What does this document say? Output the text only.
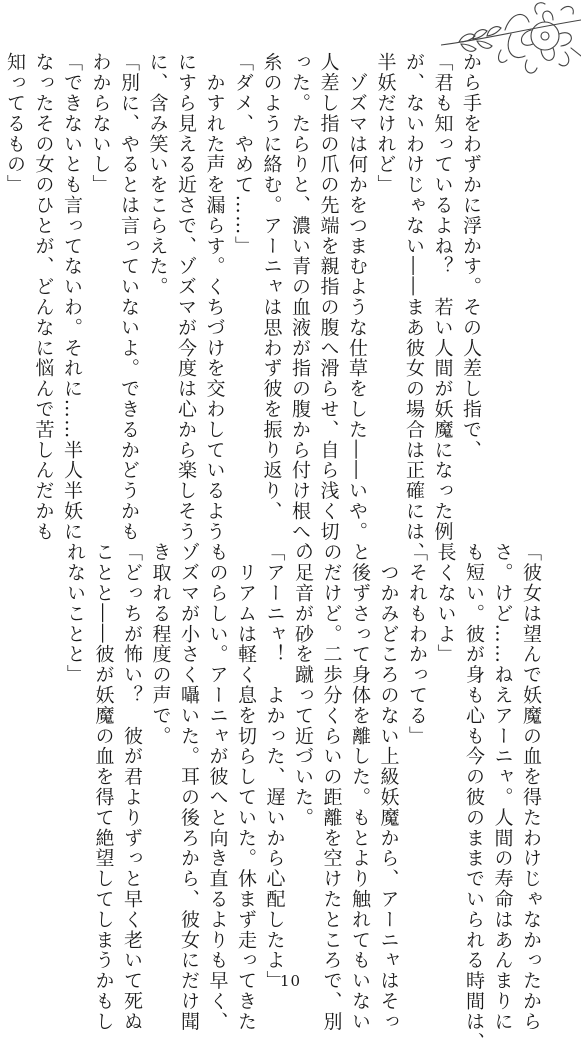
から手をわずかに浮かす。その人差し指で、

「君も知っているよね？　若い人間が妖魔になった例

が、ないわけじゃない――まあ彼女の場合は正確には、

半妖だけれど」

　ゾズマは何かをつまむような仕草をした――いや。

人差し指の爪の先端を親指の腹へ滑らせ、自ら浅く切

った。たらりと、濃い青の血液が指の腹から付け根へ、

糸のように絡む。アーニャは思わず彼を振り返り、

「ダメ、やめて……」

　かすれた声を漏らす。くちづけを交わしているよう

にすら見える近さで、ゾズマが今度は心から楽しそう

に、含み笑いをこらえた。

「別に、やるとは言っていないよ。できるかどうかも

わからないし」

「できないとも言ってないわ。それに……半人半妖に

なったその女のひとが、どんなに悩んで苦しんだかも

知ってるもの」

「彼女は望んで妖魔の血を得たわけじゃなかったから

さ。けど……ねえアーニャ。人間の寿命はあんまりに

も短い。彼が身も心も今の彼のままでいられる時間は、

長くないよ」

「それもわかってる」

　つかみどころのない上級妖魔から、アーニャはそっ

と後ずさって身体を離した。もとより触れてもいない

のだけど。二歩分くらいの距離を空けたところで、別

の足音が砂を蹴って近づいた。

「アーニャ！　よかった、遅いから心配したよ」

　リアムは軽く息を切らしていた。休まず走ってきた

ものらしい。アーニャが彼へと向き直るよりも早く、

ゾズマが小さく囁いた。耳の後ろから、彼女にだけ聞

き取れる程度の声で。

「どっちが怖い？　彼が君よりずっと早く老いて死ぬ

ことと――彼が妖魔の血を得て絶望してしまうかもし

れないことと」

10
